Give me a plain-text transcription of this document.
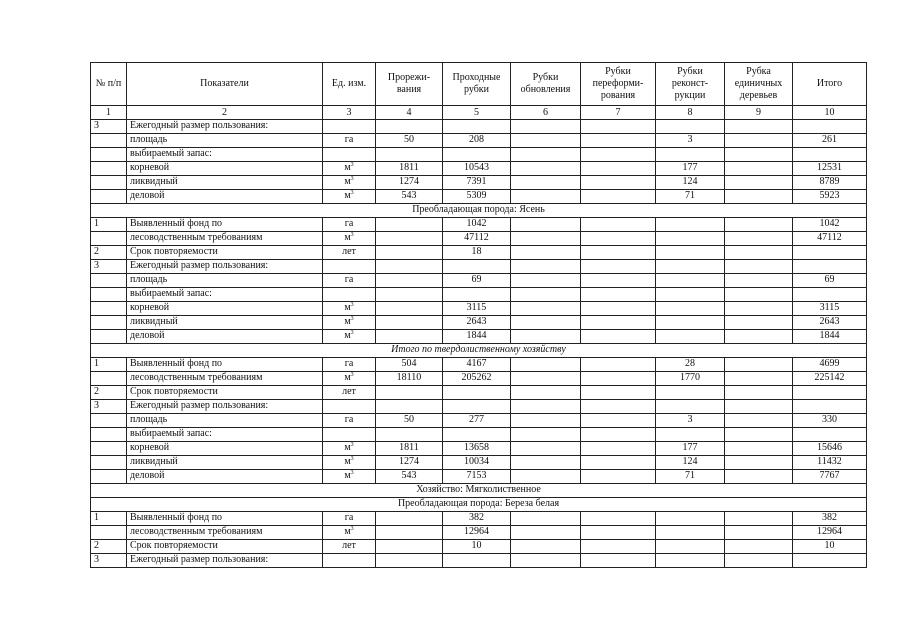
№ п/п	Показатели	Ед. изм.	Прорежи-вания	Проходные рубки	Рубки обновления	Рубки переформи-рования	Рубки реконст-рукции	Рубка единичных деревьев	Итого
1	2	3	4	5	6	7	8	9	10
3	Ежегодный размер пользования:								
	площадь	га	50	208			3		261
	выбираемый запас:								
	корневой	$м^3$	1811	10543			177		12531
	ликвидный	$м^3$	1274	7391			124		8789
	деловой	$м^3$	543	5309			71		5923
Преобладающая порода: Ясень									
1	Выявленный фонд по	га		1042					1042
	лесоводственным требованиям	$м^3$		47112					47112
2	Срок повторяемости	лет		18					
3	Ежегодный размер пользования:								
	площадь	га		69					69
	выбираемый запас:								
	корневой	$м^3$		3115					3115
	ликвидный	$м^3$		2643					2643
	деловой	$м^3$		1844					1844
Итого по твердолиственному хозяйству									
1	Выявленный фонд по	га	504	4167			28		4699
	лесоводственным требованиям	$м^3$	18110	205262			1770		225142
2	Срок повторяемости	лет							
3	Ежегодный размер пользования:								
	площадь	га	50	277			3		330
	выбираемый запас:								
	корневой	$м^3$	1811	13658			177		15646
	ликвидный	$м^3$	1274	10034			124		11432
	деловой	$м^3$	543	7153			71		7767
Хозяйство: Мягколиственное									
Преобладающая порода: Береза белая									
1	Выявленный фонд по	га		382					382
	лесоводственным требованиям	$м^3$		12964					12964
2	Срок повторяемости	лет		10					10
3	Ежегодный размер пользования:								
